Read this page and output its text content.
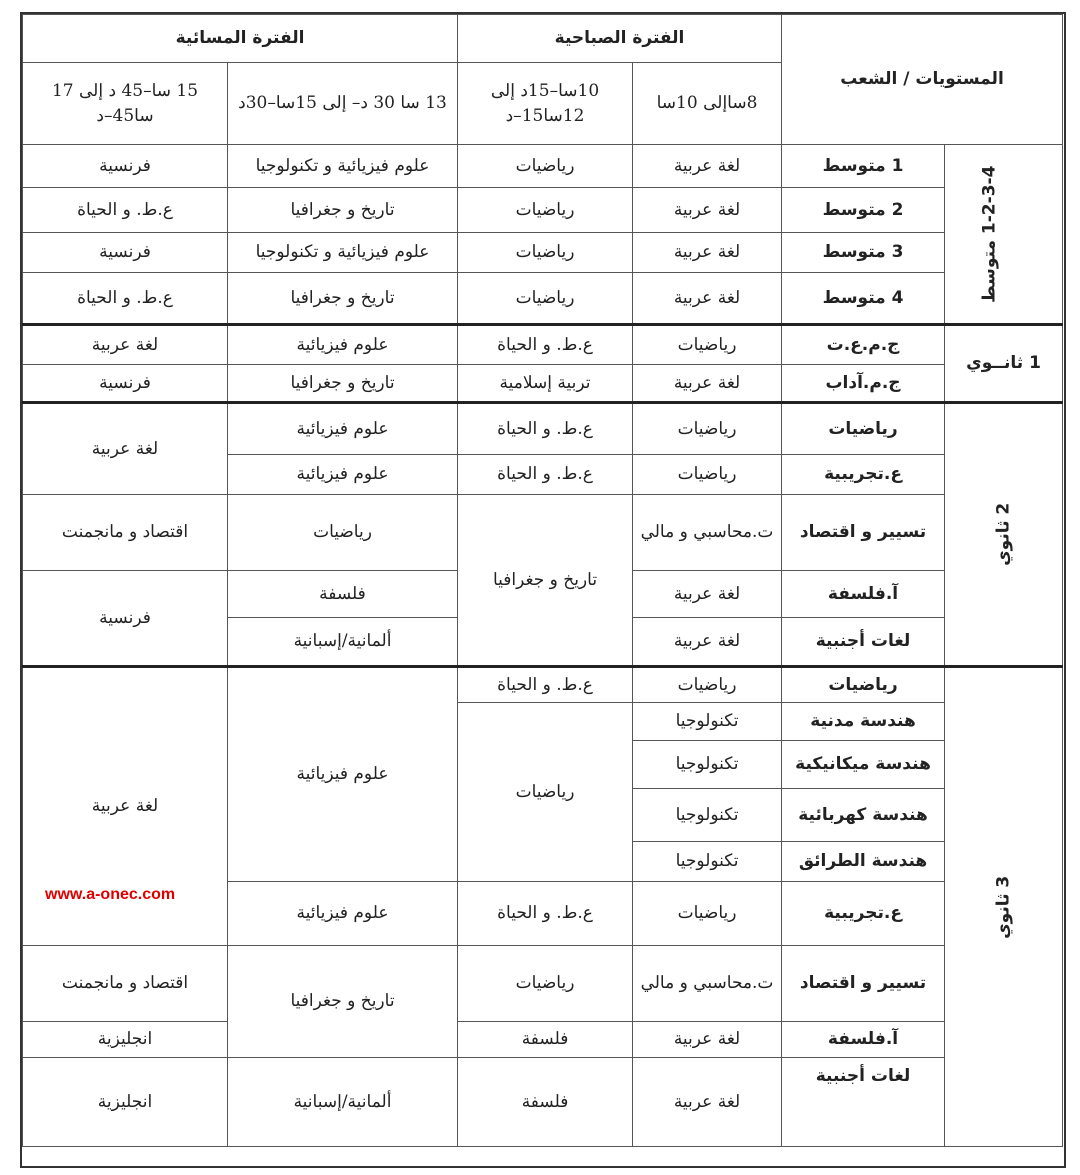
المستويات / الشعب		الفترة الصباحية		الفترة المسائية	
		8ساإلى 10سا	10سا–15د إلى 12سا15–د	13 سا 30 د– إلى 15سا–30د	15 سا–45 د إلى 17 سا45–د
1-2-3-4 متوسط	1 متوسط	لغة عربية	رياضيات	علوم فيزيائية و تكنولوجيا	فرنسية
	2 متوسط	لغة عربية	رياضيات	تاريخ و جغرافيا	ع.ط. و الحياة
	3 متوسط	لغة عربية	رياضيات	علوم فيزيائية و تكنولوجيا	فرنسية
	4 متوسط	لغة عربية	رياضيات	تاريخ و جغرافيا	ع.ط. و الحياة
1 ثانــوي	ج.م.ع.ت	رياضيات	ع.ط. و الحياة	علوم فيزيائية	لغة عربية
	ج.م.آداب	لغة عربية	تربية إسلامية	تاريخ و جغرافيا	فرنسية
2 ثانوي	رياضيات	رياضيات	ع.ط. و الحياة	علوم فيزيائية	لغة عربية
	ع.تجريبية	رياضيات	ع.ط. و الحياة	علوم فيزيائية	
	تسيير و اقتصاد	ت.محاسبي و مالي	تاريخ و جغرافيا	رياضيات	اقتصاد و مانجمنت
	آ.فلسفة	لغة عربية		فلسفة	فرنسية
	لغات أجنبية	لغة عربية		ألمانية/إسبانية	
3 ثانوي	رياضيات	رياضيات	ع.ط. و الحياة	علوم فيزيائية	لغة عربية
	هندسة مدنية	تكنولوجيا	رياضيات		
	هندسة ميكانيكية	تكنولوجيا			
	هندسة كهربائية	تكنولوجيا			
	هندسة الطرائق	تكنولوجيا			
	ع.تجريبية	رياضيات	ع.ط. و الحياة	علوم فيزيائية	
	تسيير و اقتصاد	ت.محاسبي و مالي	رياضيات	تاريخ و جغرافيا	اقتصاد و مانجمنت
	آ.فلسفة	لغة عربية	فلسفة		انجليزية
	لغات أجنبية	لغة عربية	فلسفة	ألمانية/إسبانية	انجليزية
www.a-onec.com
